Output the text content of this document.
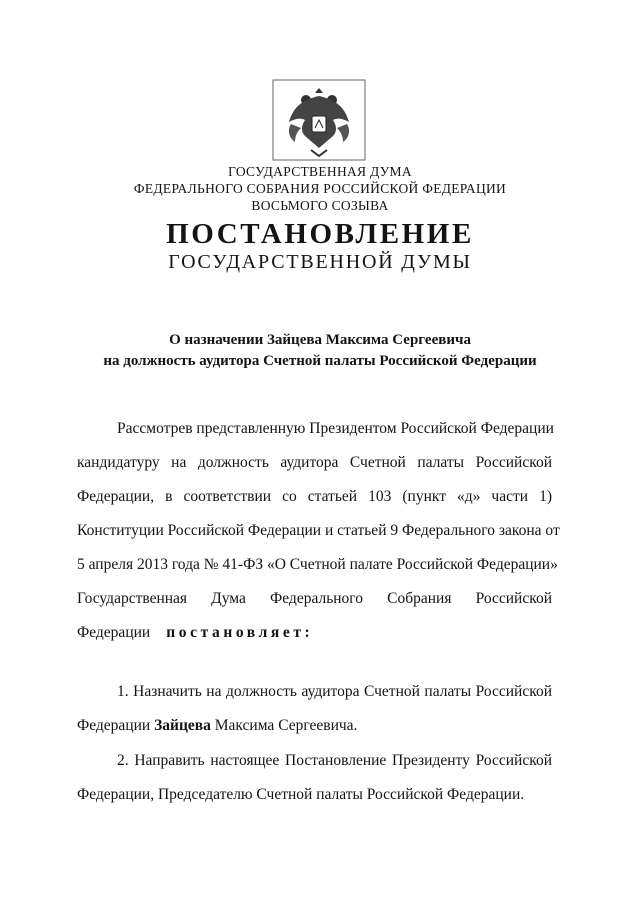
ГОСУДАРСТВЕННАЯ ДУМА
ФЕДЕРАЛЬНОГО СОБРАНИЯ РОССИЙСКОЙ ФЕДЕРАЦИИ
ВОСЬМОГО СОЗЫВА
ПОСТАНОВЛЕНИЕ
ГОСУДАРСТВЕННОЙ ДУМЫ
О назначении Зайцева Максима Сергеевича
на должность аудитора Счетной палаты Российской Федерации
Рассмотрев представленную Президентом Российской Федерации
кандидатуру на должность аудитора Счетной палаты Российской
Федерации, в соответствии со статьей 103 (пункт «д» части 1)
Конституции Российской Федерации и статьей 9 Федерального закона от
5 апреля 2013 года № 41-ФЗ «О Счетной палате Российской Федерации»
Государственная Дума Федерального Собрания Российской
Федерации постановляет:
1. Назначить на должность аудитора Счетной палаты Российской
Федерации Зайцева Максима Сергеевича.
2. Направить настоящее Постановление Президенту Российской
Федерации, Председателю Счетной палаты Российской Федерации.
